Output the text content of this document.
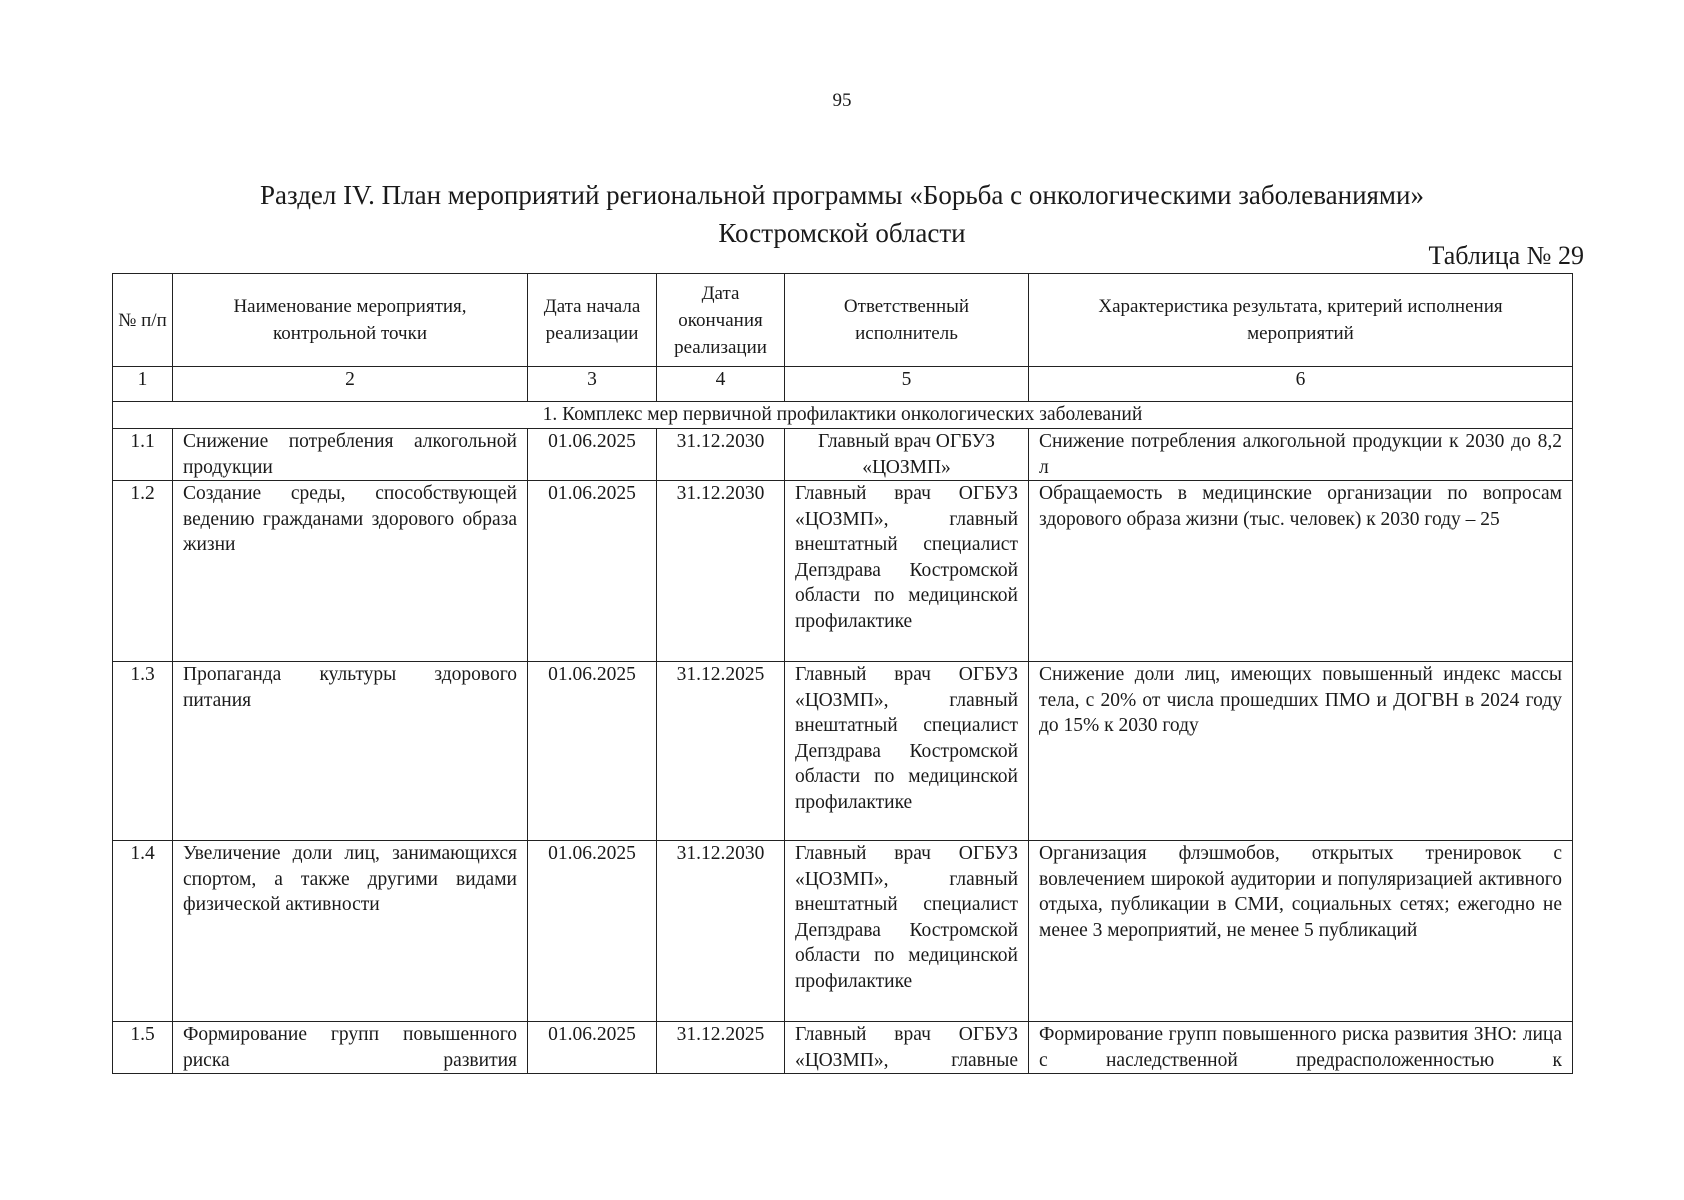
95
Раздел IV. План мероприятий региональной программы «Борьба с онкологическими заболеваниями»
Костромской области
Таблица № 29
№ п/п	Наименование мероприятия, контрольной точки	Дата начала реализации	Дата окончания реализации	Ответственный исполнитель	Характеристика результата, критерий исполнения мероприятий
1	2	3	4	5	6
1. Комплекс мер первичной профилактики онкологических заболеваний					
1.1	Снижение потребления алкогольной продукции	01.06.2025	31.12.2030	Главный врач ОГБУЗ «ЦОЗМП»	Снижение потребления алкогольной продукции к 2030 до 8,2 л
1.2	Создание среды, способствующей ведению гражданами здорового образа жизни	01.06.2025	31.12.2030	Главный врач ОГБУЗ «ЦОЗМП», главный внештатный специалист Депздрава Костромской области по медицинской профилактике	Обращаемость в медицинские организации по вопросам здорового образа жизни (тыс. человек) к 2030 году – 25
1.3	Пропаганда культуры здорового питания	01.06.2025	31.12.2025	Главный врач ОГБУЗ «ЦОЗМП», главный внештатный специалист Депздрава Костромской области по медицинской профилактике	Снижение доли лиц, имеющих повышенный индекс массы тела, с 20% от числа прошедших ПМО и ДОГВН в 2024 году до 15% к 2030 году
1.4	Увеличение доли лиц, занимающихся спортом, а также другими видами физической активности	01.06.2025	31.12.2030	Главный врач ОГБУЗ «ЦОЗМП», главный внештатный специалист Депздрава Костромской области по медицинской профилактике	Организация флэшмобов, открытых тренировок с вовлечением широкой аудитории и популяризацией активного отдыха, публикации в СМИ, социальных сетях; ежегодно не менее 3 мероприятий, не менее 5 публикаций
1.5	Формирование групп повышенного риска развития	01.06.2025	31.12.2025	Главный врач ОГБУЗ «ЦОЗМП», главные	Формирование групп повышенного риска развития ЗНО: лица с наследственной предрасположенностью к
